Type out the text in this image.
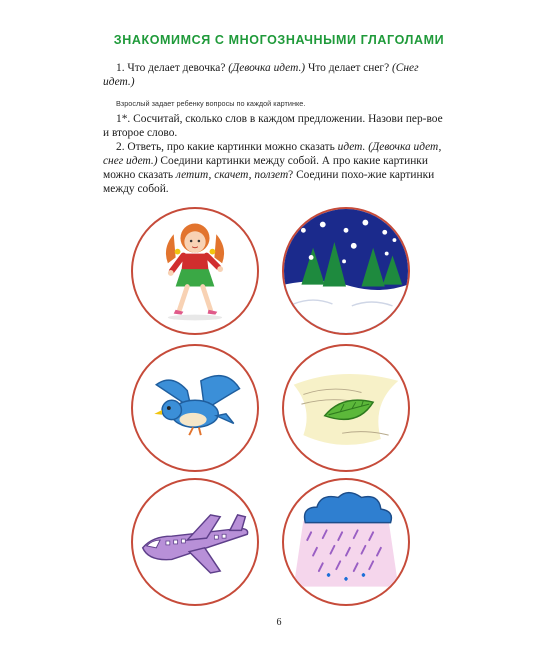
ЗНАКОМИМСЯ С МНОГОЗНАЧНЫМИ ГЛАГОЛАМИ
1. Что делает девочка? (Девочка идет.) Что делает снег? (Снег идет.)
Взрослый задает ребенку вопросы по каждой картинке.
1*. Сосчитай, сколько слов в каждом предложении. Назови пер-вое и второе слово.
2. Ответь, про какие картинки можно сказать идет. (Девочка идет, снег идет.) Соедини картинки между собой. А про какие картинки можно сказать летит, скачет, ползет? Соедини похо-жие картинки между собой.
6
